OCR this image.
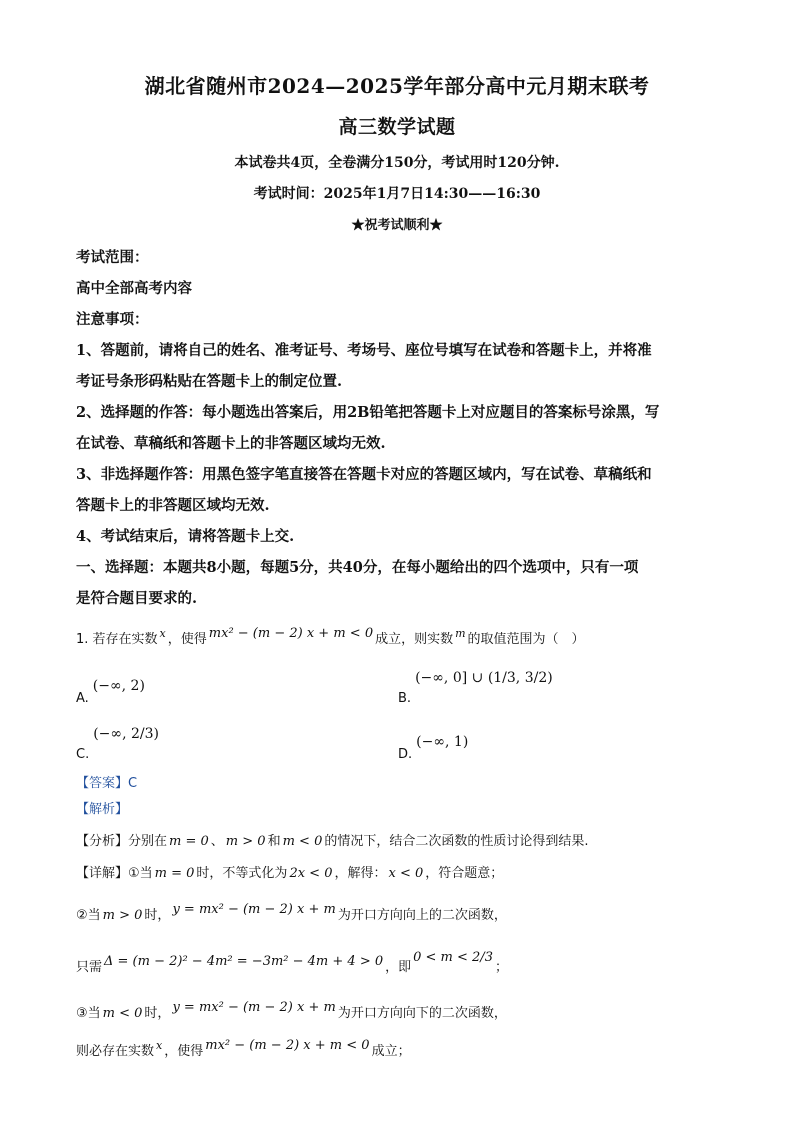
湖北省随州市2024—2025学年部分高中元月期末联考
高三数学试题
本试卷共4页，全卷满分150分，考试用时120分钟.
考试时间：2025年1月7日14:30——16:30
★祝考试顺利★
考试范围：
高中全部高考内容
注意事项：
1、答题前，请将自己的姓名、准考证号、考场号、座位号填写在试卷和答题卡上，并将准
考证号条形码粘贴在答题卡上的制定位置.
2、选择题的作答：每小题选出答案后，用2B铅笔把答题卡上对应题目的答案标号涂黑，写
在试卷、草稿纸和答题卡上的非答题区域均无效.
3、非选择题作答：用黑色签字笔直接答在答题卡对应的答题区域内，写在试卷、草稿纸和
答题卡上的非答题区域均无效.
4、考试结束后，请将答题卡上交.
一、选择题：本题共8小题，每题5分，共40分，在每小题给出的四个选项中，只有一项
是符合题目要求的.
1. 若存在实数 $^x$ ，使得 mx² − (m − 2) x + m < 0 成立，则实数 $^m$ 的取值范围为（　）
A.(−∞, 2)
B.(−∞, 0] ∪ (1/3, 3/2)
C.(−∞, 2/3)
D.(−∞, 1)
【答案】C
【解析】
【分析】分别在 m = 0 、 m > 0 和 m < 0 的情况下，结合二次函数的性质讨论得到结果.
【详解】①当 m = 0 时，不等式化为 2x < 0 ，解得： x < 0 ，符合题意；
②当 m > 0 时， y = mx² − (m − 2) x + m 为开口方向向上的二次函数，
只需 Δ = (m − 2)² − 4m² = −3m² − 4m + 4 > 0 ，即0 < m < 2/3；
③当 m < 0 时， y = mx² − (m − 2) x + m 为开口方向向下的二次函数，
则必存在实数 $^x$ ，使得 mx² − (m − 2) x + m < 0 成立；
